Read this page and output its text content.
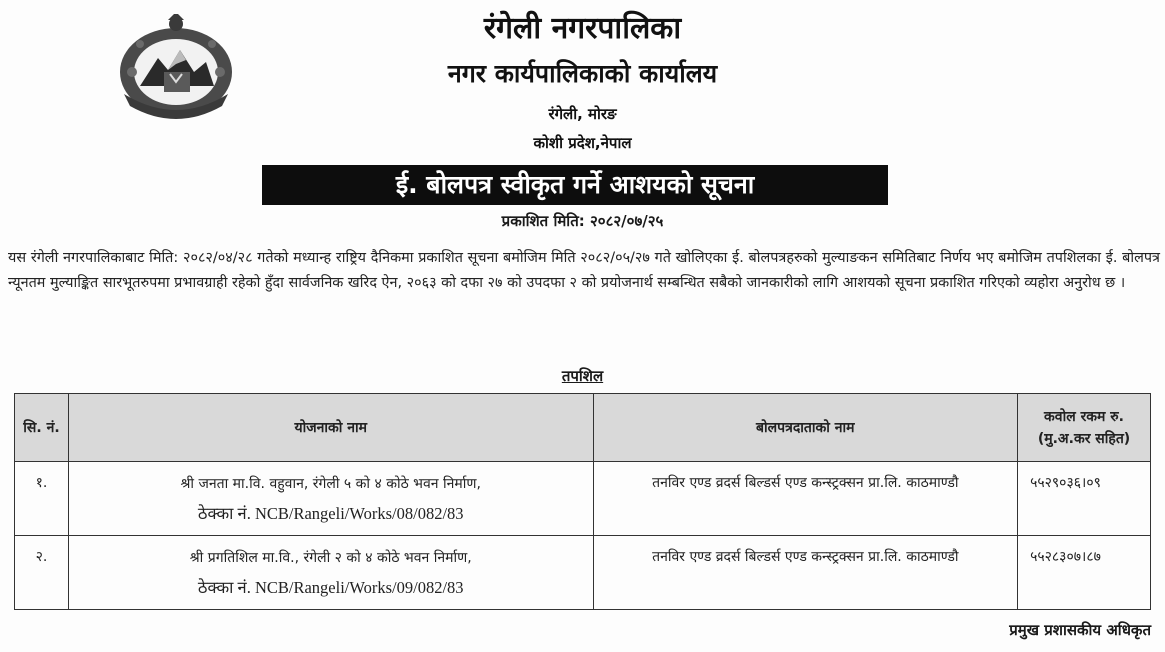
रंगेली नगरपालिका
नगर कार्यपालिकाको कार्यालय
रंगेली, मोरङ
कोशी प्रदेश,नेपाल
ई. बोलपत्र स्वीकृत गर्ने आशयको सूचना
प्रकाशित मिति: २०८२/०७/२५
यस रंगेली नगरपालिकाबाट मिति: २०८२/०४/२८ गतेको मध्यान्ह राष्ट्रिय दैनिकमा प्रकाशित सूचना बमोजिम मिति २०८२/०५/२७ गते खोलिएका ई. बोलपत्रहरुको मुल्याङकन समितिबाट निर्णय भए बमोजिम तपशिलका ई. बोलपत्र न्यूनतम मुल्याङ्कित सारभूतरुपमा प्रभावग्राही रहेको हुँदा सार्वजनिक खरिद ऐन, २०६३ को दफा २७ को उपदफा २ को प्रयोजनार्थ सम्बन्धित सबैको जानकारीको लागि आशयको सूचना प्रकाशित गरिएको व्यहोरा अनुरोध छ ।
तपशिल
सि. नं.	योजनाको नाम	बोलपत्रदाताको नाम	कवोल रकम रु. (मु.अ.कर सहित)
१.	श्री जनता मा.वि. वहुवान, रंगेली ५ को ४ कोठे भवन निर्माण,
ठेक्का नं. NCB/Rangeli/Works/08/082/83	तनविर एण्ड व्रदर्स बिल्डर्स एण्ड कन्स्ट्रक्सन प्रा.लि. काठमाण्डौ	५५२९०३६।०९
२.	श्री प्रगतिशिल मा.वि., रंगेली २ को ४ कोठे भवन निर्माण,
ठेक्का नं. NCB/Rangeli/Works/09/082/83	तनविर एण्ड व्रदर्स बिल्डर्स एण्ड कन्स्ट्रक्सन प्रा.लि. काठमाण्डौ	५५२८३०७।८७
प्रमुख प्रशासकीय अधिकृत
